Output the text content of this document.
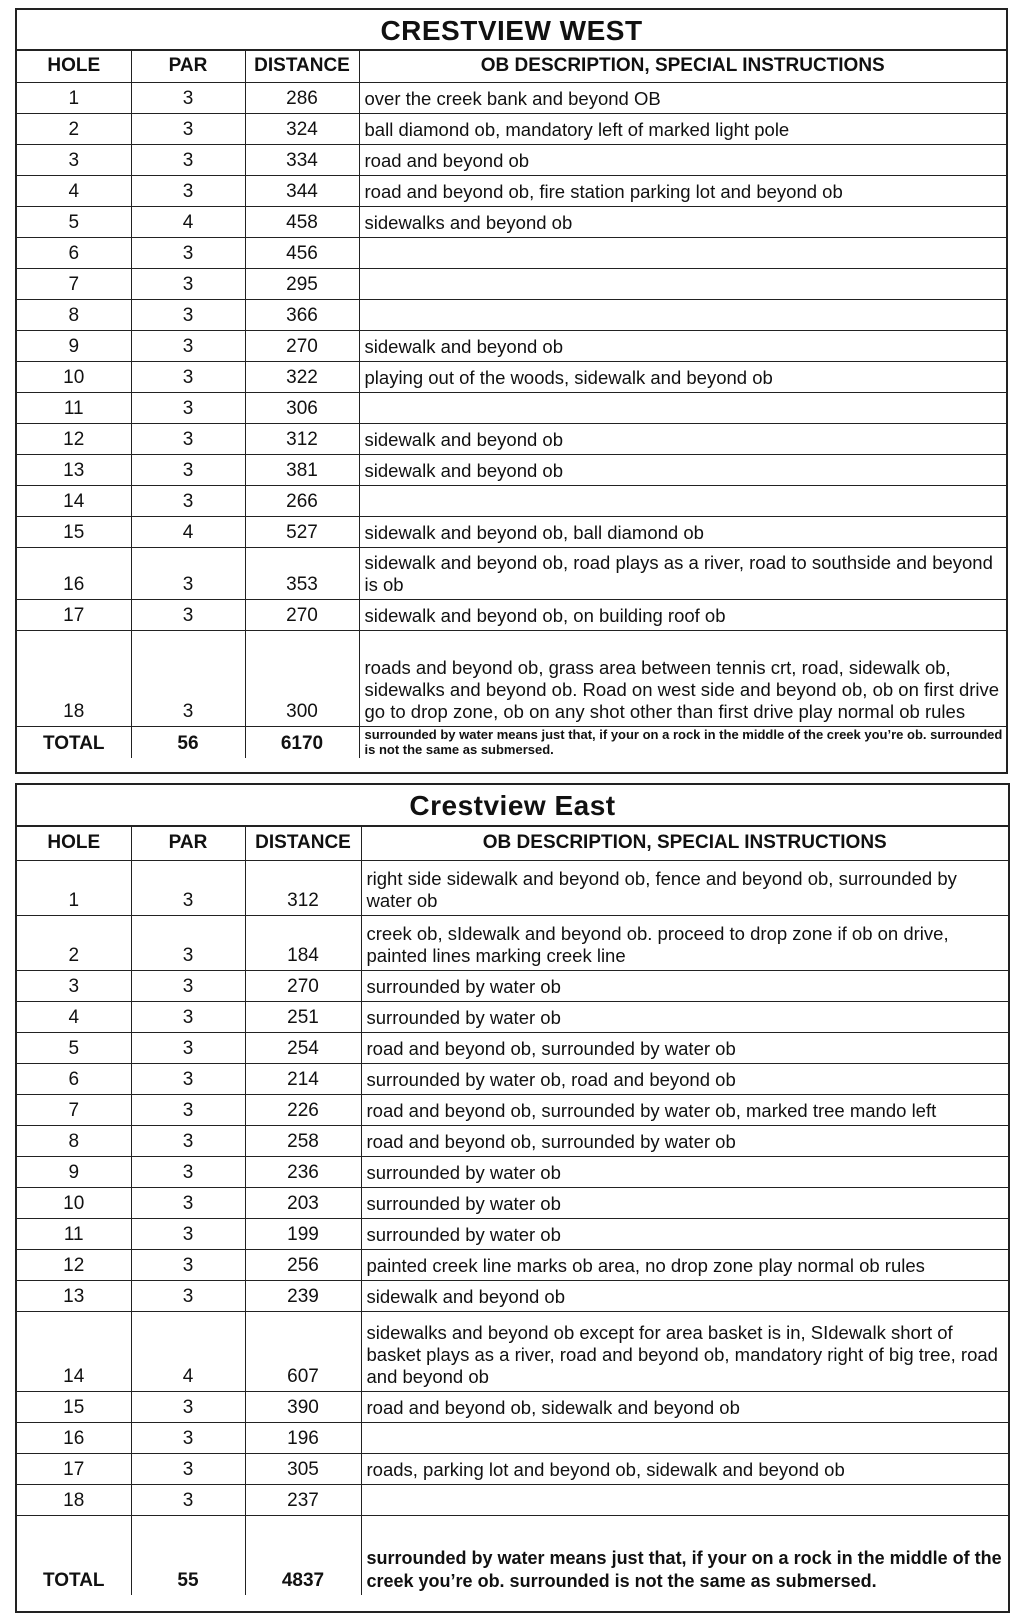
CRESTVIEW WEST
HOLE	PAR	DISTANCE	OB DESCRIPTION, SPECIAL INSTRUCTIONS
1	3	286	over the creek bank and beyond OB
2	3	324	ball diamond ob, mandatory left of marked light pole
3	3	334	road and beyond ob
4	3	344	road and beyond ob, fire station parking lot and beyond ob
5	4	458	sidewalks and beyond ob
6	3	456	
7	3	295	
8	3	366	
9	3	270	sidewalk and beyond ob
10	3	322	playing out of the woods, sidewalk and beyond ob
11	3	306	
12	3	312	sidewalk and beyond ob
13	3	381	sidewalk and beyond ob
14	3	266	
15	4	527	sidewalk and beyond ob, ball diamond ob
16	3	353	sidewalk and beyond ob, road plays as a river, road to southside and beyond is ob
17	3	270	sidewalk and beyond ob, on building roof ob
18	3	300	roads and beyond ob, grass area between tennis crt, road, sidewalk ob, sidewalks and beyond ob. Road on west side and beyond ob, ob on first drive go to drop zone, ob on any shot other than first drive play normal ob rules
TOTAL	56	6170	surrounded by water means just that, if your on a rock in the middle of the creek you’re ob. surrounded is not the same as submersed.
Crestview East
HOLE	PAR	DISTANCE	OB DESCRIPTION, SPECIAL INSTRUCTIONS
1	3	312	right side sidewalk and beyond ob, fence and beyond ob, surrounded by water ob
2	3	184	creek ob, sIdewalk and beyond ob. proceed to drop zone if ob on drive, painted lines marking creek line
3	3	270	surrounded by water ob
4	3	251	surrounded by water ob
5	3	254	road and beyond ob, surrounded by water ob
6	3	214	surrounded by water ob, road and beyond ob
7	3	226	road and beyond ob, surrounded by water ob, marked tree mando left
8	3	258	road and beyond ob, surrounded by water ob
9	3	236	surrounded by water ob
10	3	203	surrounded by water ob
11	3	199	surrounded by water ob
12	3	256	painted creek line marks ob area, no drop zone play normal ob rules
13	3	239	sidewalk and beyond ob
14	4	607	sidewalks and beyond ob except for area basket is in, SIdewalk short of basket plays as a river, road and beyond ob, mandatory right of big tree, road and beyond ob
15	3	390	road and beyond ob, sidewalk and beyond ob
16	3	196	
17	3	305	roads, parking lot and beyond ob, sidewalk and beyond ob
18	3	237	
TOTAL	55	4837	surrounded by water means just that, if your on a rock in the middle of the creek you’re ob. surrounded is not the same as submersed.
